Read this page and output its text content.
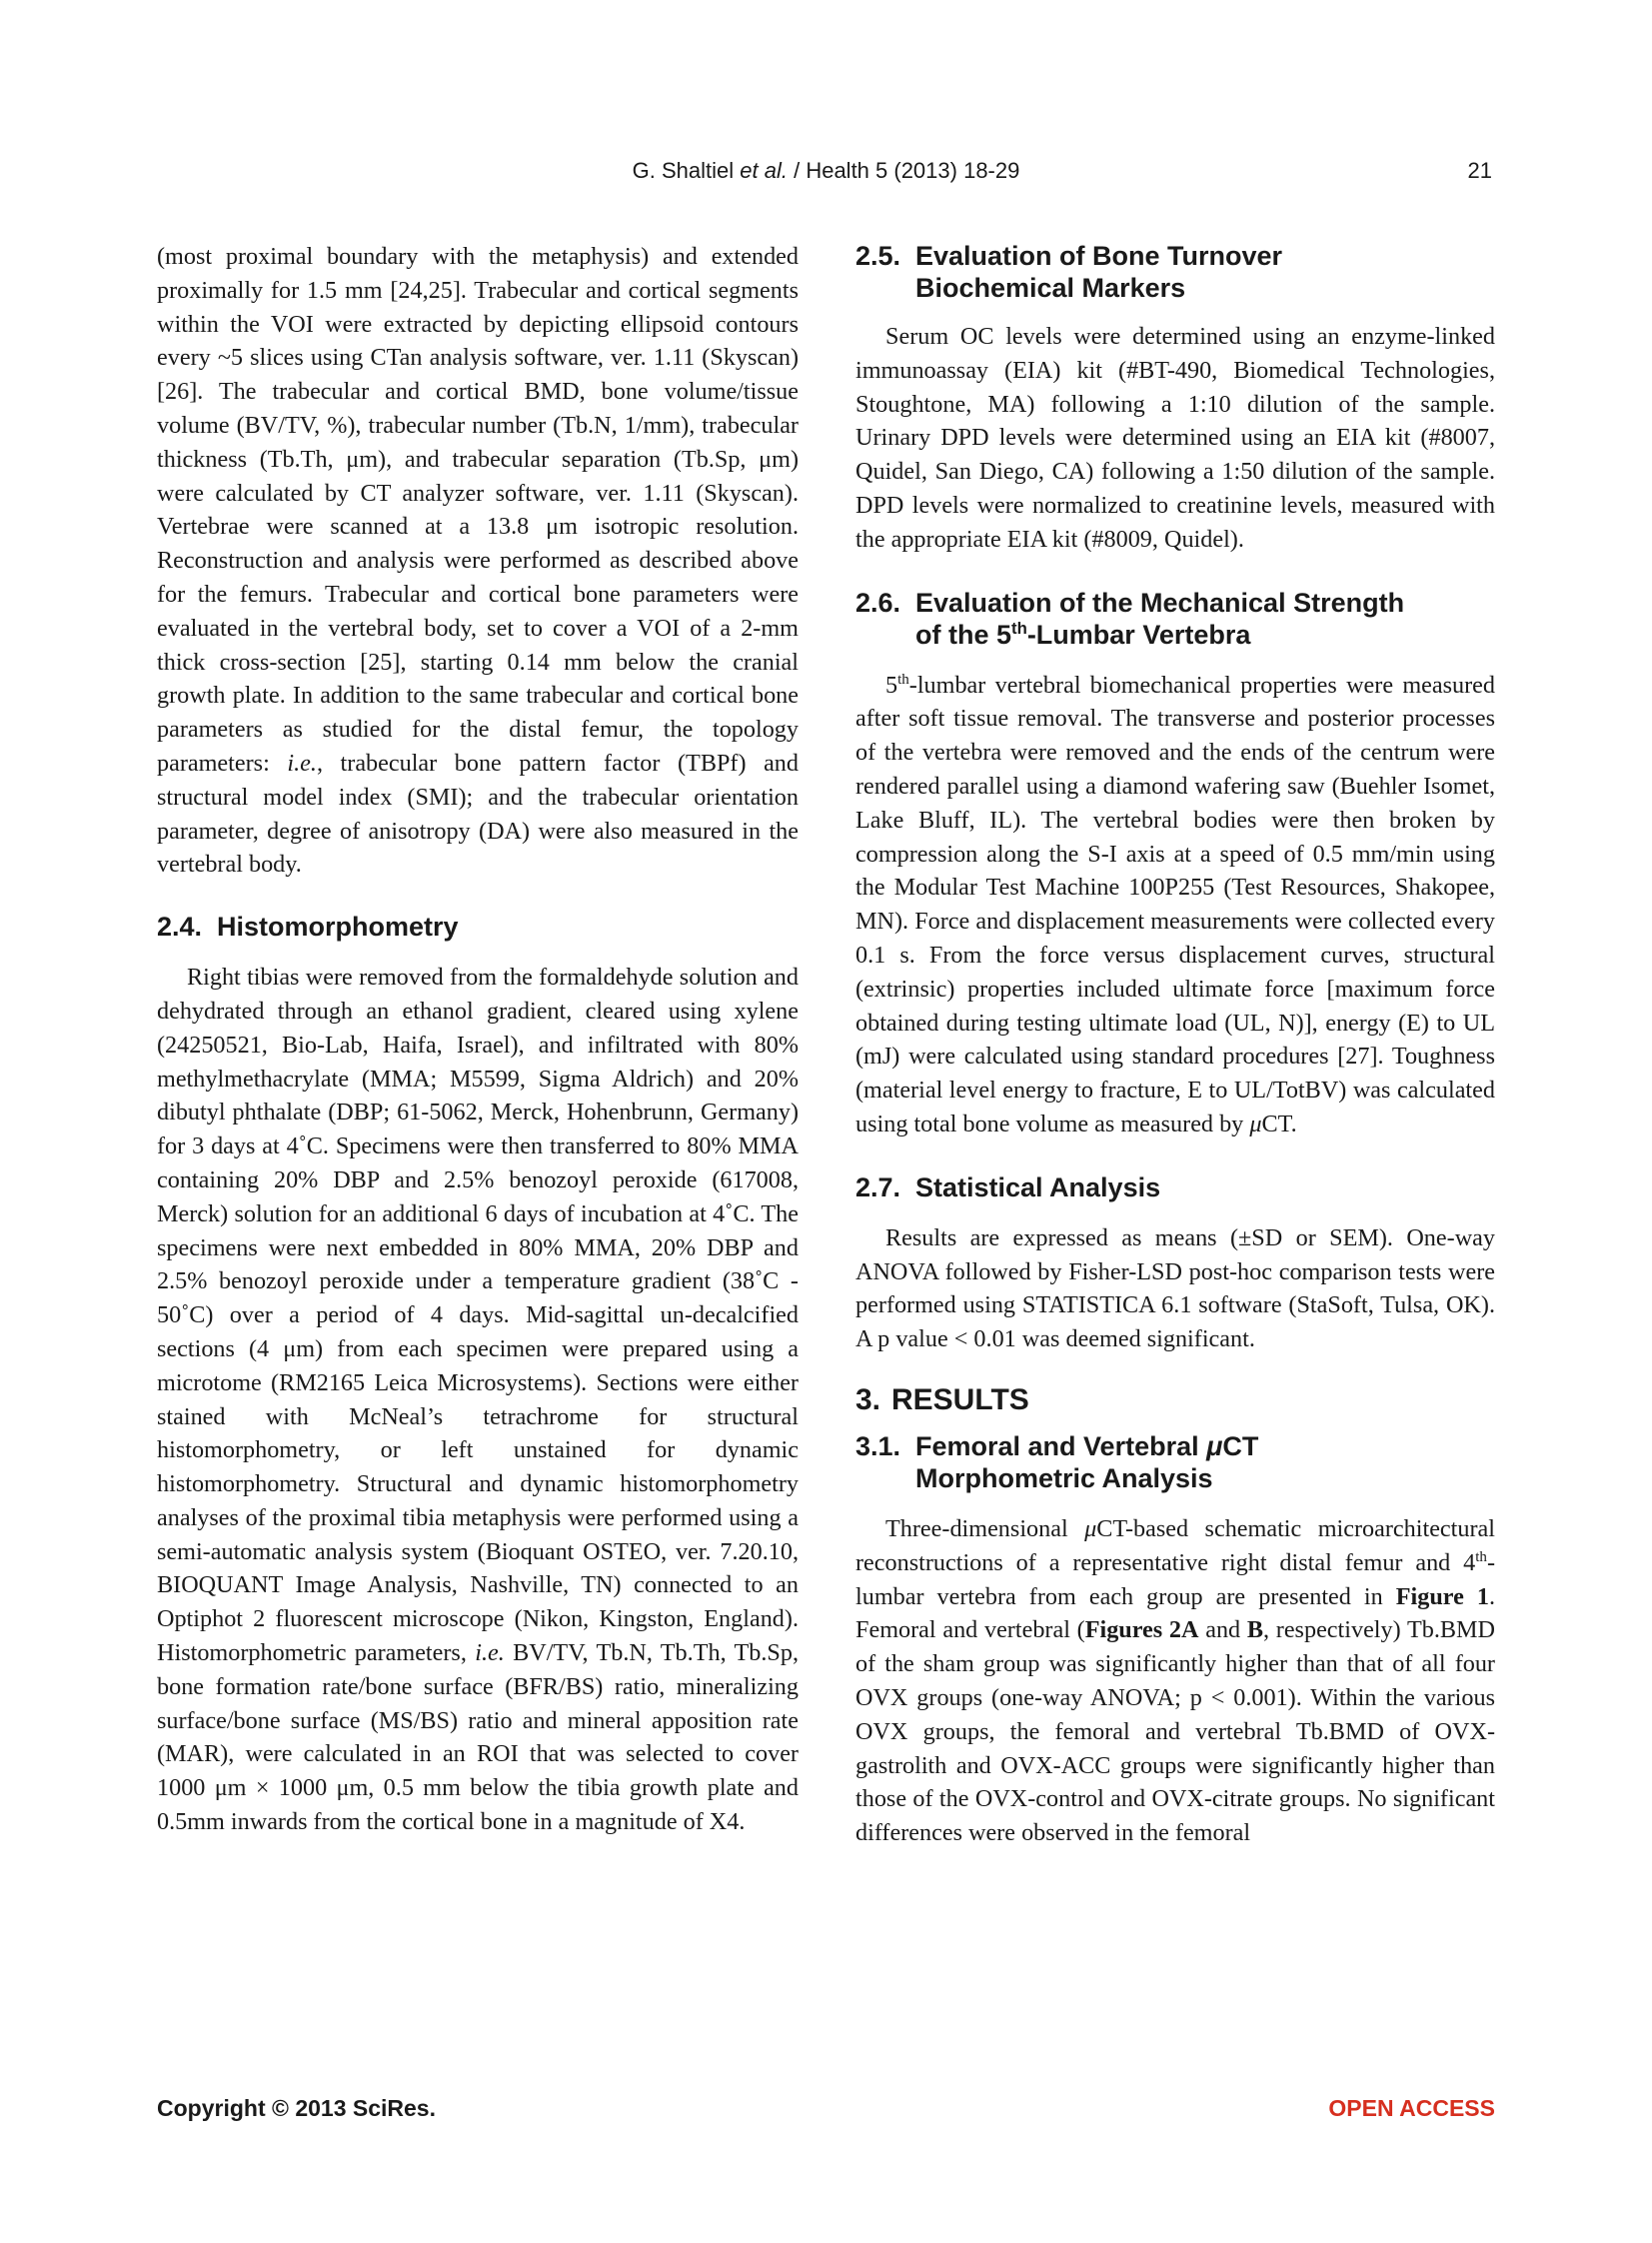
G. Shaltiel et al. / Health 5 (2013) 18-29	21

(most proximal boundary with the metaphysis) and extended proximally for 1.5 mm [24,25]. Trabecular and cortical segments within the VOI were extracted by depicting ellipsoid contours every ~5 slices using CTan analysis software, ver. 1.11 (Skyscan) [26]. The trabecular and cortical BMD, bone volume/tissue volume (BV/TV, %), trabecular number (Tb.N, 1/mm), trabecular thickness (Tb.Th, μm), and trabecular separation (Tb.Sp, μm) were calculated by CT analyzer software, ver. 1.11 (Skyscan). Vertebrae were scanned at a 13.8 μm isotropic resolution. Reconstruction and analysis were performed as described above for the femurs. Trabecular and cortical bone parameters were evaluated in the vertebral body, set to cover a VOI of a 2-mm thick cross-section [25], starting 0.14 mm below the cranial growth plate. In addition to the same trabecular and cortical bone parameters as studied for the distal femur, the topology parameters: i.e., trabecular bone pattern factor (TBPf) and structural model index (SMI); and the trabecular orientation parameter, degree of anisotropy (DA) were also measured in the vertebral body.

2.4. Histomorphometry

Right tibias were removed from the formaldehyde solution and dehydrated through an ethanol gradient, cleared using xylene (24250521, Bio-Lab, Haifa, Israel), and infiltrated with 80% methylmethacrylate (MMA; M5599, Sigma Aldrich) and 20% dibutyl phthalate (DBP; 61-5062, Merck, Hohenbrunn, Germany) for 3 days at 4˚C. Specimens were then transferred to 80% MMA containing 20% DBP and 2.5% benozoyl peroxide (617008, Merck) solution for an additional 6 days of incubation at 4˚C. The specimens were next embedded in 80% MMA, 20% DBP and 2.5% benozoyl peroxide under a temperature gradient (38˚C - 50˚C) over a period of 4 days. Mid-sagittal un-decalcified sections (4 μm) from each specimen were prepared using a microtome (RM2165 Leica Microsystems). Sections were either stained with McNeal’s tetrachrome for structural histomorphometry, or left unstained for dynamic histomorphometry. Structural and dynamic histomorphometry analyses of the proximal tibia metaphysis were performed using a semi-automatic analysis system (Bioquant OSTEO, ver. 7.20.10, BIOQUANT Image Analysis, Nashville, TN) connected to an Optiphot 2 fluorescent microscope (Nikon, Kingston, England). Histomorphometric parameters, i.e. BV/TV, Tb.N, Tb.Th, Tb.Sp, bone formation rate/bone surface (BFR/BS) ratio, mineralizing surface/bone surface (MS/BS) ratio and mineral apposition rate (MAR), were calculated in an ROI that was selected to cover 1000 μm × 1000 μm, 0.5 mm below the tibia growth plate and 0.5mm inwards from the cortical bone in a magnitude of X4.

2.5. Evaluation of Bone Turnover
Biochemical Markers

Serum OC levels were determined using an enzyme-linked immunoassay (EIA) kit (#BT-490, Biomedical Technologies, Stoughtone, MA) following a 1:10 dilution of the sample. Urinary DPD levels were determined using an EIA kit (#8007, Quidel, San Diego, CA) following a 1:50 dilution of the sample. DPD levels were normalized to creatinine levels, measured with the appropriate EIA kit (#8009, Quidel).

2.6. Evaluation of the Mechanical Strength
of the 5th-Lumbar Vertebra

5th-lumbar vertebral biomechanical properties were measured after soft tissue removal. The transverse and posterior processes of the vertebra were removed and the ends of the centrum were rendered parallel using a diamond wafering saw (Buehler Isomet, Lake Bluff, IL). The vertebral bodies were then broken by compression along the S-I axis at a speed of 0.5 mm/min using the Modular Test Machine 100P255 (Test Resources, Shakopee, MN). Force and displacement measurements were collected every 0.1 s. From the force versus displacement curves, structural (extrinsic) properties included ultimate force [maximum force obtained during testing ultimate load (UL, N)], energy (E) to UL (mJ) were calculated using standard procedures [27]. Toughness (material level energy to fracture, E to UL/TotBV) was calculated using total bone volume as measured by μCT.

2.7. Statistical Analysis

Results are expressed as means (±SD or SEM). One-way ANOVA followed by Fisher-LSD post-hoc comparison tests were performed using STATISTICA 6.1 software (StaSoft, Tulsa, OK). A p value < 0.01 was deemed significant.

3. RESULTS
3.1. Femoral and Vertebral μCT
Morphometric Analysis

Three-dimensional μCT-based schematic microarchitectural reconstructions of a representative right distal femur and 4th-lumbar vertebra from each group are presented in Figure 1. Femoral and vertebral (Figures 2A and B, respectively) Tb.BMD of the sham group was significantly higher than that of all four OVX groups (one-way ANOVA; p < 0.001). Within the various OVX groups, the femoral and vertebral Tb.BMD of OVX-gastrolith and OVX-ACC groups were significantly higher than those of the OVX-control and OVX-citrate groups. No significant differences were observed in the femoral

Copyright © 2013 SciRes.	OPEN ACCESS
